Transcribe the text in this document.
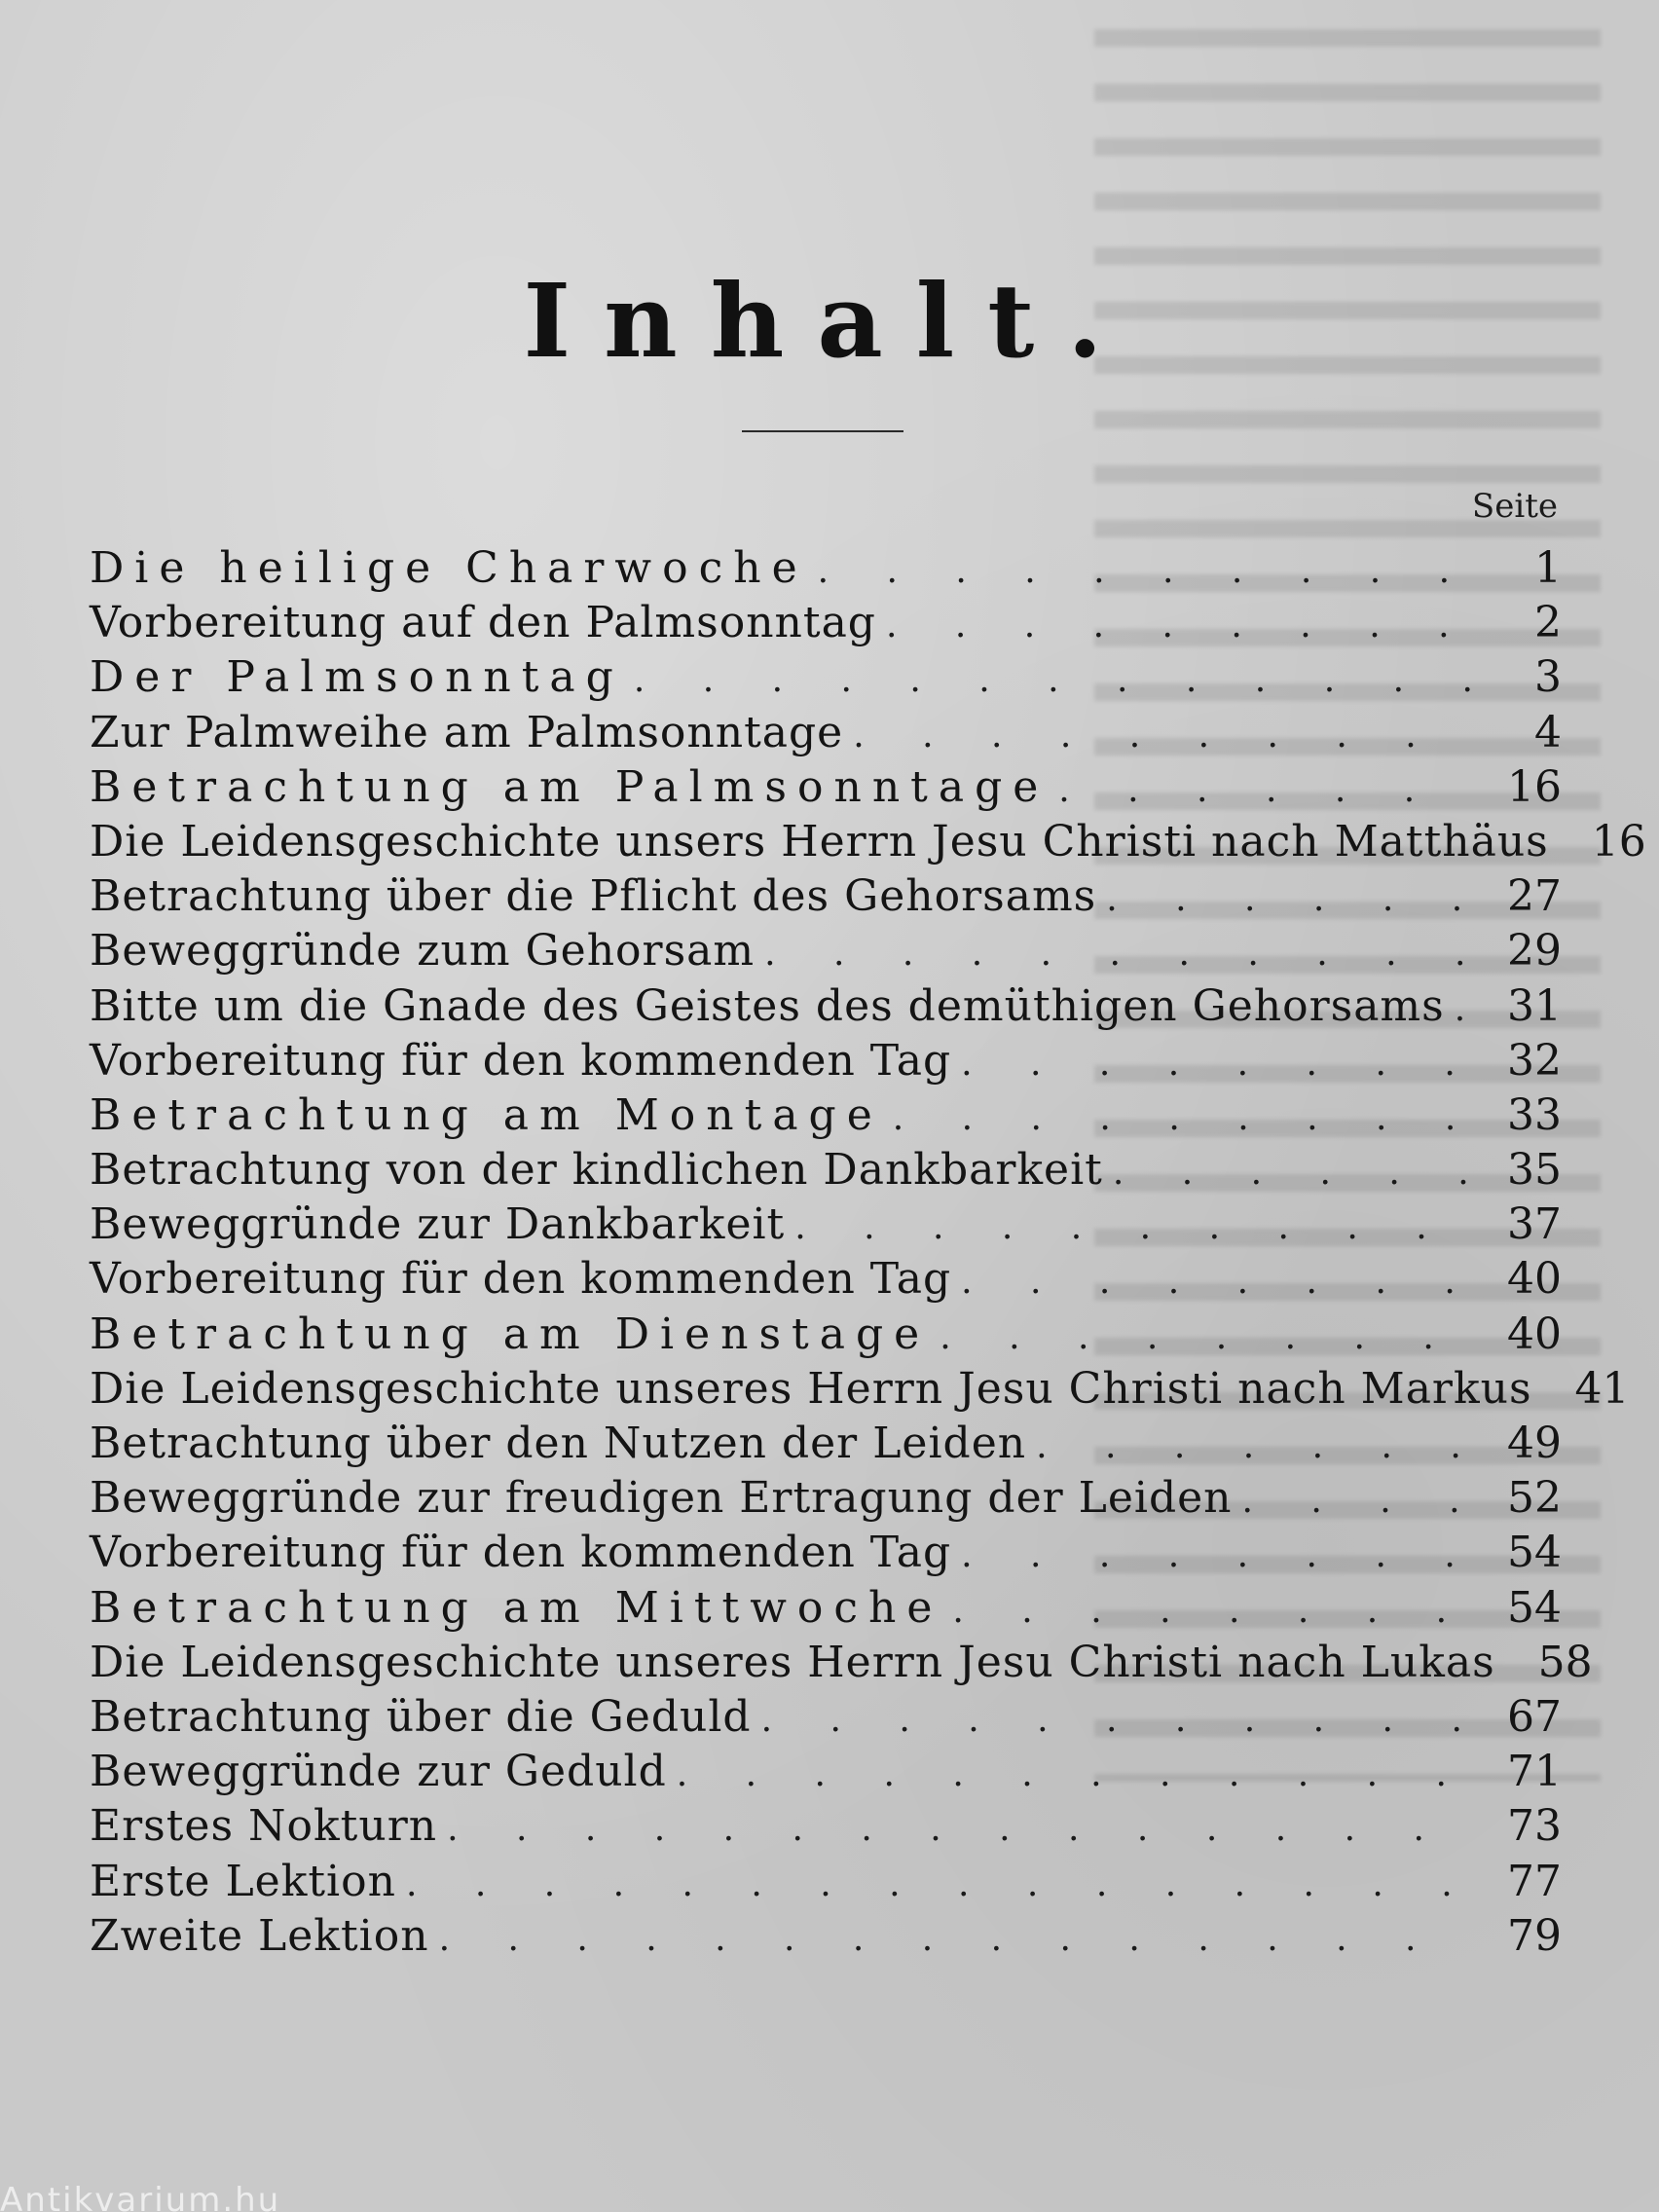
Inhalt.
Seite
Die heilige Charwoche . . .	1
Vorbereitung auf den Palmsonntag . . .	2
Der Palmsonntag . . .	3
Zur Palmweihe am Palmsonntage . . .	4
Betrachtung am Palmsonntage . . .	16
Die Leidensgeschichte unsers Herrn Jesu Christi nach Matthäus	16
Betrachtung über die Pflicht des Gehorsams . . .	27
Beweggründe zum Gehorsam . . .	29
Bitte um die Gnade des Geistes des demüthigen Gehorsams . . .	31
Vorbereitung für den kommenden Tag . . .	32
Betrachtung am Montage . . .	33
Betrachtung von der kindlichen Dankbarkeit . . .	35
Beweggründe zur Dankbarkeit . . .	37
Vorbereitung für den kommenden Tag . . .	40
Betrachtung am Dienstage . . .	40
Die Leidensgeschichte unseres Herrn Jesu Christi nach Markus	41
Betrachtung über den Nutzen der Leiden . . .	49
Beweggründe zur freudigen Ertragung der Leiden . . .	52
Vorbereitung für den kommenden Tag . . .	54
Betrachtung am Mittwoche . . .	54
Die Leidensgeschichte unseres Herrn Jesu Christi nach Lukas	58
Betrachtung über die Geduld . . .	67
Beweggründe zur Geduld . . .	71
Erstes Nokturn . . .	73
Erste Lektion . . .	77
Zweite Lektion . . .	79
Antikvarium.hu
